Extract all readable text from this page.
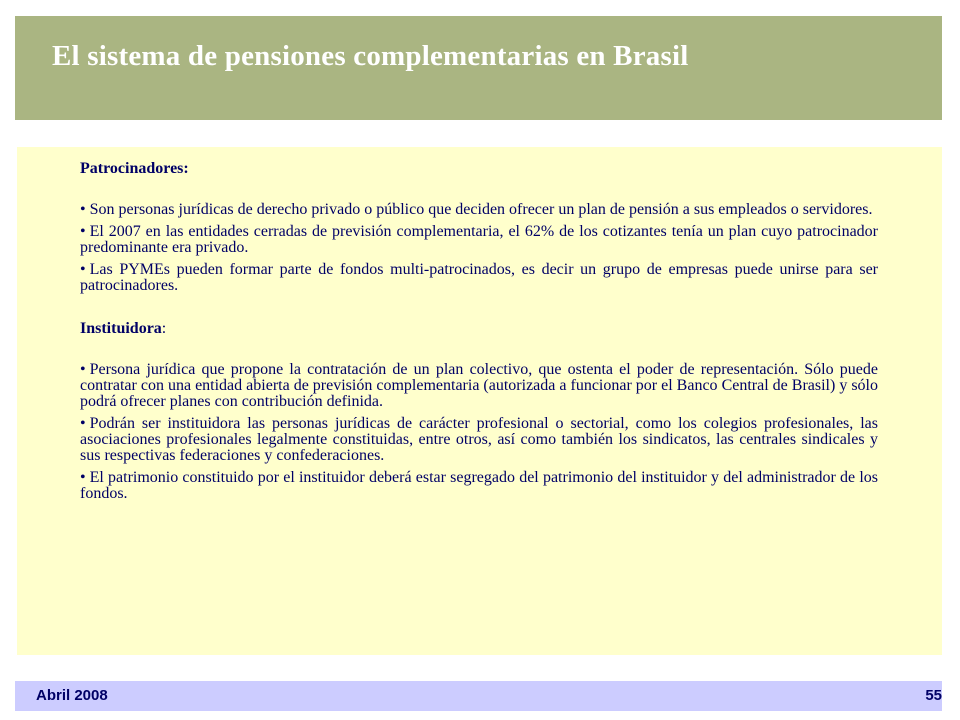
El sistema de pensiones complementarias en Brasil

Patrocinadores:

• Son personas jurídicas de derecho privado o público que deciden ofrecer un plan de pensión a sus empleados o servidores.

• El 2007 en las entidades cerradas de previsión complementaria, el 62% de los cotizantes tenía un plan cuyo patrocinador predominante era privado.

• Las PYMEs pueden formar parte de fondos multi-patrocinados, es decir un grupo de empresas puede unirse para ser patrocinadores.

Instituidora:

• Persona jurídica que propone la contratación de un plan colectivo, que ostenta el poder de representación. Sólo puede contratar con una entidad abierta de previsión complementaria (autorizada a funcionar por el Banco Central de Brasil) y sólo podrá ofrecer planes con contribución definida.

• Podrán ser instituidora las personas jurídicas de carácter profesional o sectorial, como los colegios profesionales, las asociaciones profesionales legalmente constituidas, entre otros, así como también los sindicatos, las centrales sindicales y sus respectivas federaciones y confederaciones.

• El patrimonio constituido por el instituidor deberá estar segregado del patrimonio del instituidor y del administrador de los fondos.

Abril 2008	55
